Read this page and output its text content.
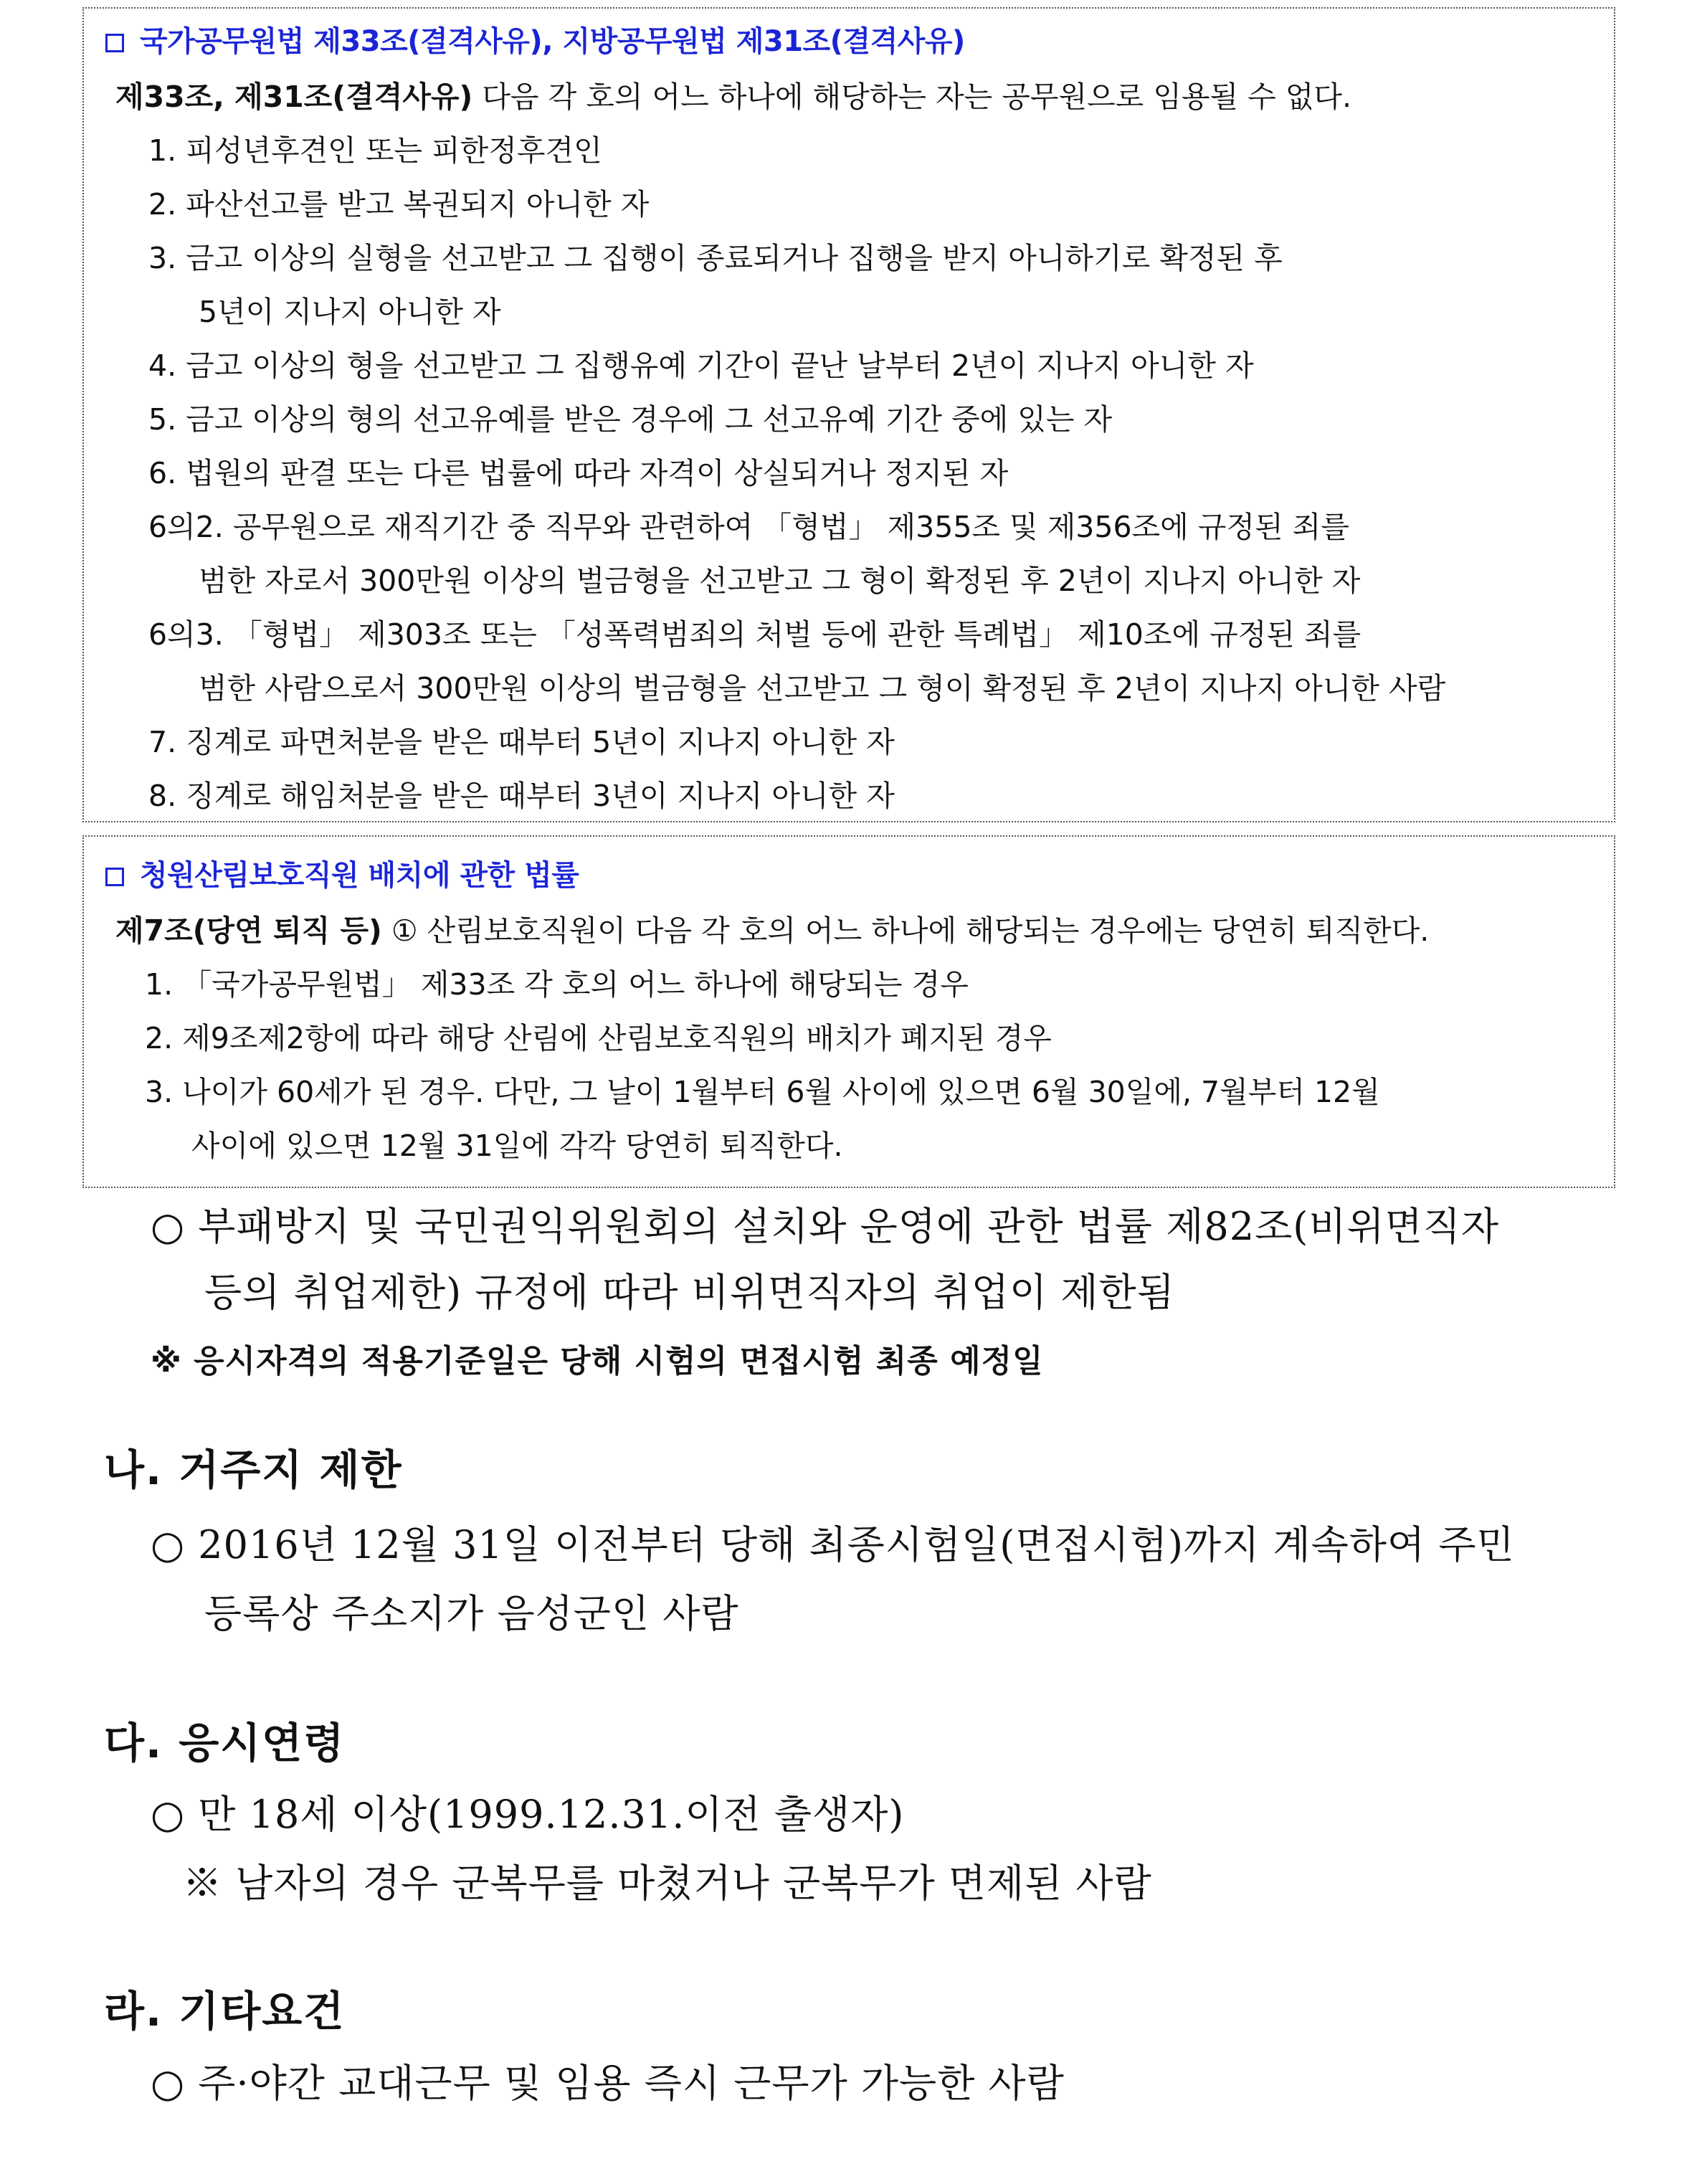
국가공무원법 제33조(결격사유), 지방공무원법 제31조(결격사유)
제33조, 제31조(결격사유) 다음 각 호의 어느 하나에 해당하는 자는 공무원으로 임용될 수 없다.
1. 피성년후견인 또는 피한정후견인
2. 파산선고를 받고 복권되지 아니한 자
3. 금고 이상의 실형을 선고받고 그 집행이 종료되거나 집행을 받지 아니하기로 확정된 후
5년이 지나지 아니한 자
4. 금고 이상의 형을 선고받고 그 집행유예 기간이 끝난 날부터 2년이 지나지 아니한 자
5. 금고 이상의 형의 선고유예를 받은 경우에 그 선고유예 기간 중에 있는 자
6. 법원의 판결 또는 다른 법률에 따라 자격이 상실되거나 정지된 자
6의2. 공무원으로 재직기간 중 직무와 관련하여 「형법」 제355조 및 제356조에 규정된 죄를
범한 자로서 300만원 이상의 벌금형을 선고받고 그 형이 확정된 후 2년이 지나지 아니한 자
6의3. 「형법」 제303조 또는 「성폭력범죄의 처벌 등에 관한 특례법」 제10조에 규정된 죄를
범한 사람으로서 300만원 이상의 벌금형을 선고받고 그 형이 확정된 후 2년이 지나지 아니한 사람
7. 징계로 파면처분을 받은 때부터 5년이 지나지 아니한 자
8. 징계로 해임처분을 받은 때부터 3년이 지나지 아니한 자
청원산림보호직원 배치에 관한 법률
제7조(당연 퇴직 등) ① 산림보호직원이 다음 각 호의 어느 하나에 해당되는 경우에는 당연히 퇴직한다.
1. 「국가공무원법」 제33조 각 호의 어느 하나에 해당되는 경우
2. 제9조제2항에 따라 해당 산림에 산림보호직원의 배치가 폐지된 경우
3. 나이가 60세가 된 경우. 다만, 그 날이 1월부터 6월 사이에 있으면 6월 30일에, 7월부터 12월
사이에 있으면 12월 31일에 각각 당연히 퇴직한다.
○ 부패방지 및 국민권익위원회의 설치와 운영에 관한 법률 제82조(비위면직자
등의 취업제한) 규정에 따라 비위면직자의 취업이 제한됨
※ 응시자격의 적용기준일은 당해 시험의 면접시험 최종 예정일
나. 거주지 제한
○ 2016년 12월 31일 이전부터 당해 최종시험일(면접시험)까지 계속하여 주민
등록상 주소지가 음성군인 사람
다. 응시연령
○ 만 18세 이상(1999.12.31.이전 출생자)
※ 남자의 경우 군복무를 마쳤거나 군복무가 면제된 사람
라. 기타요건
○ 주·야간 교대근무 및 임용 즉시 근무가 가능한 사람
